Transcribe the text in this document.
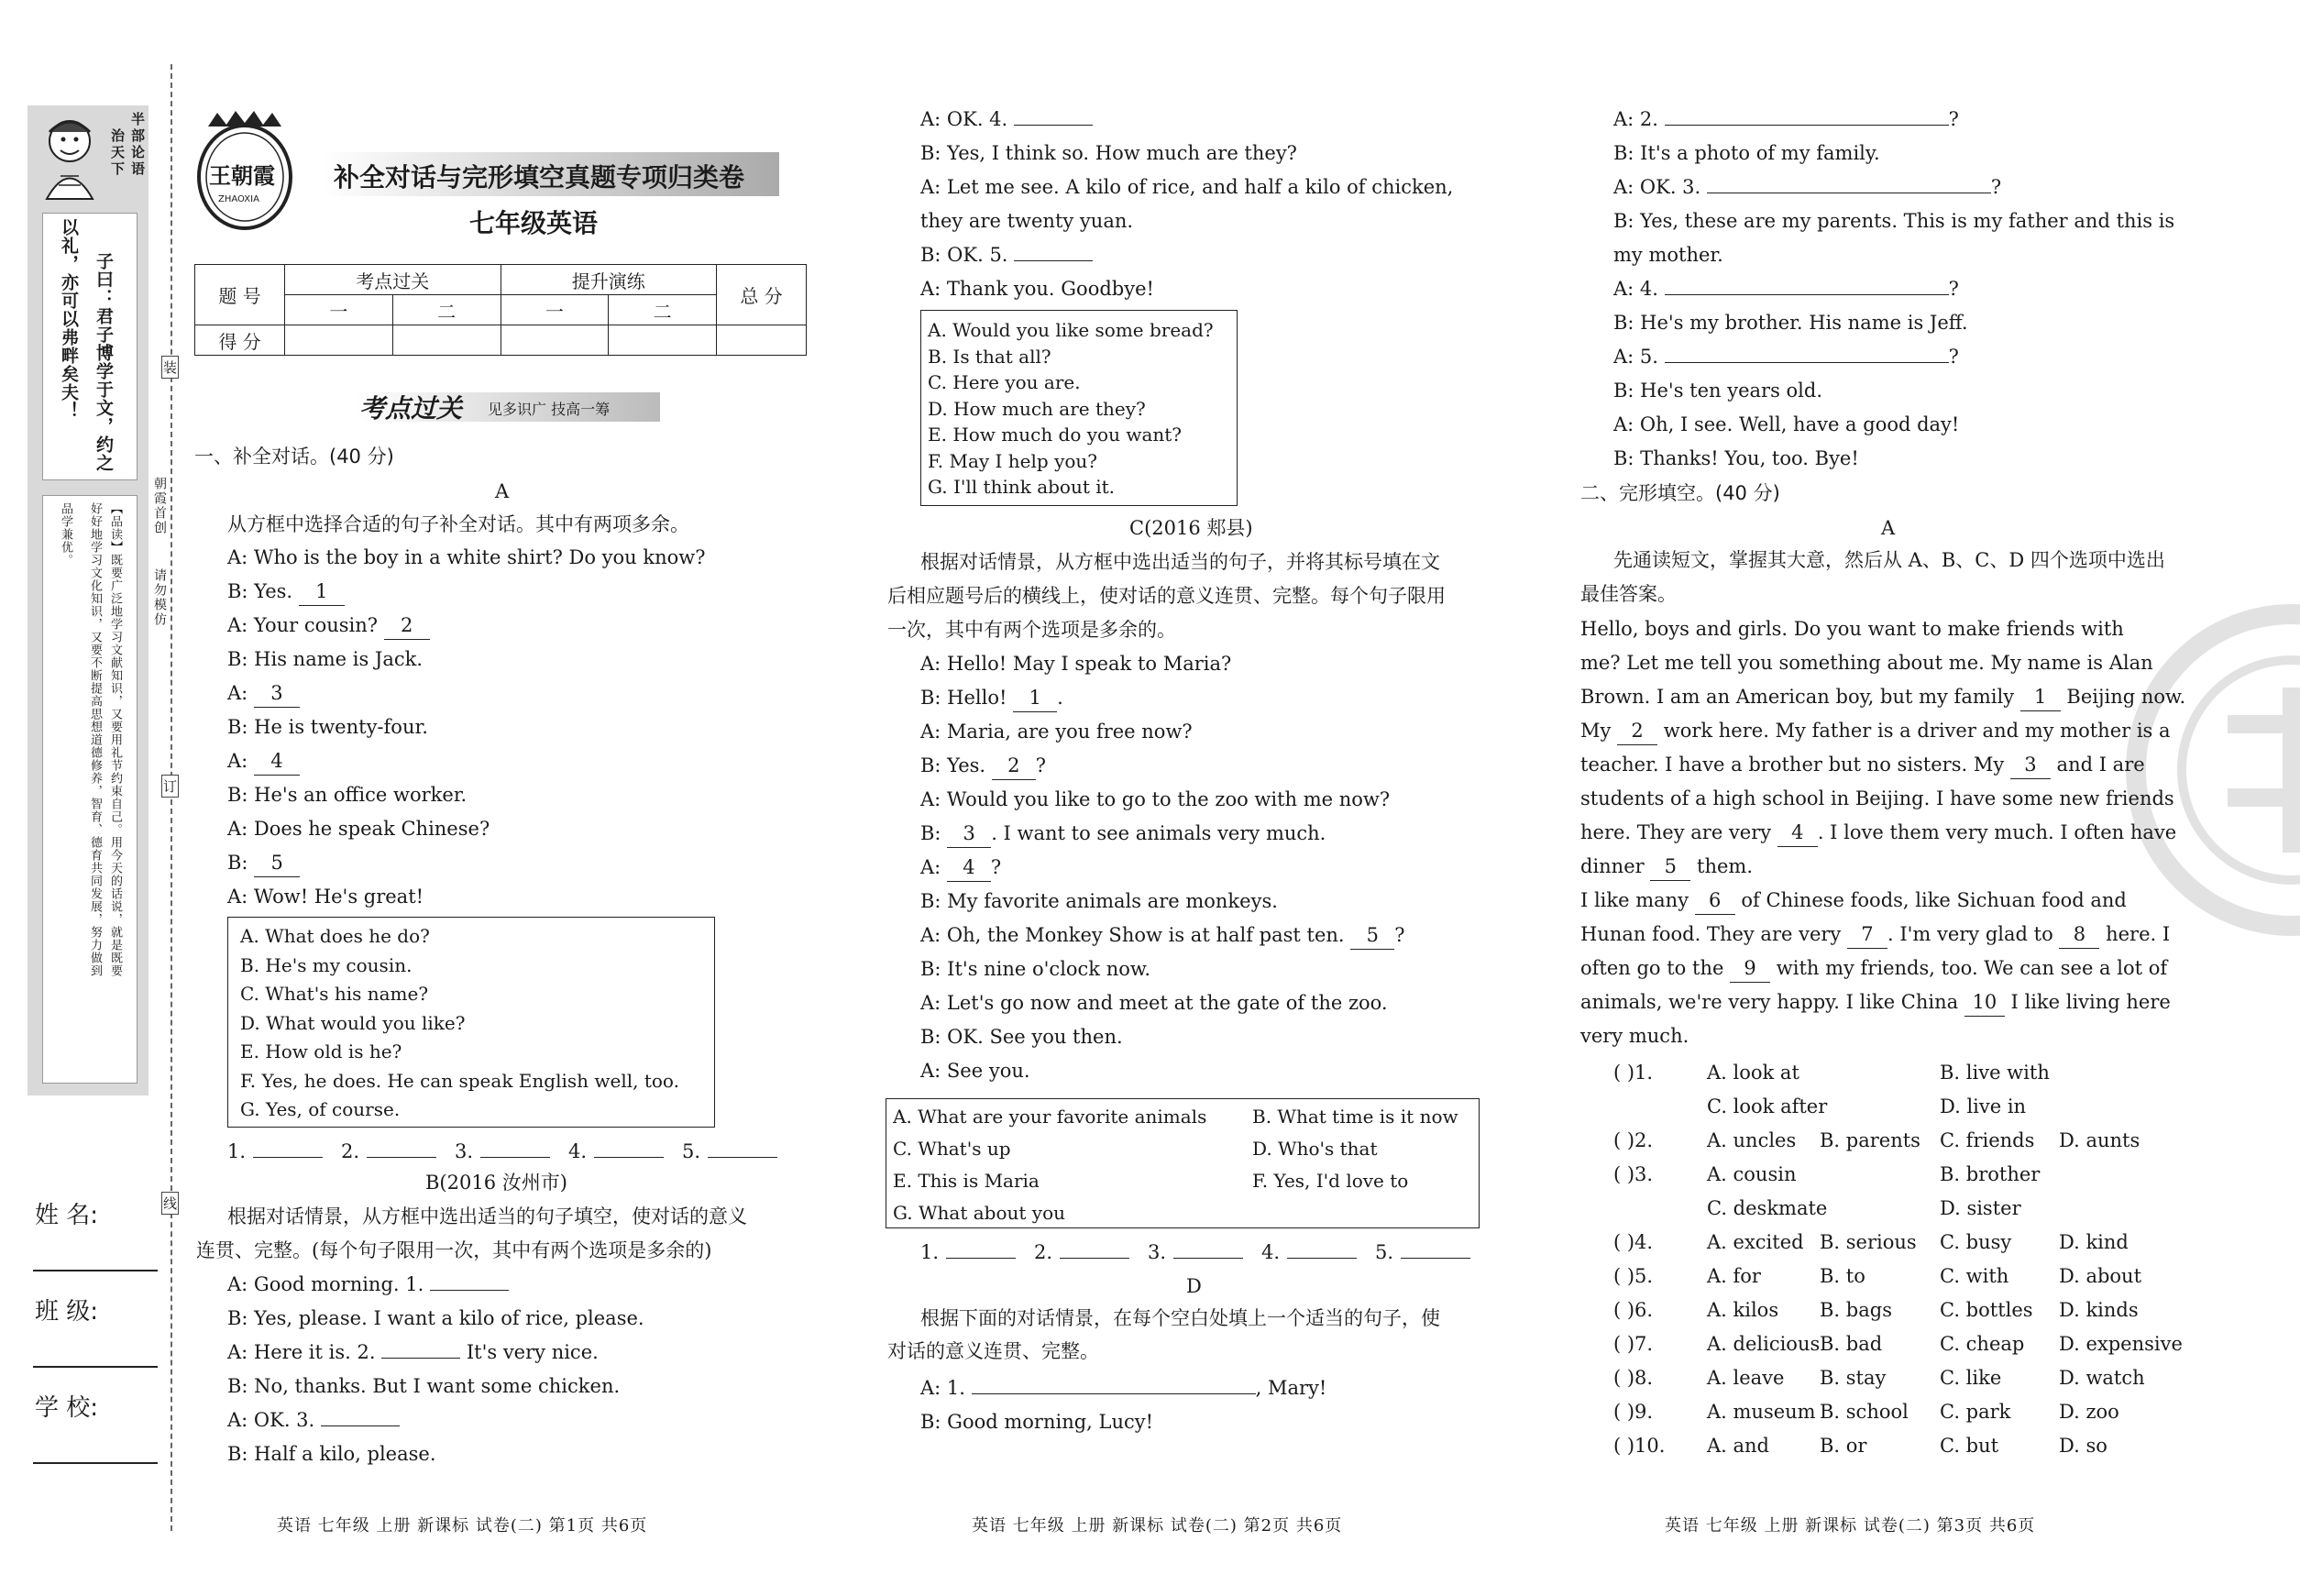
半部论语
治天下
子曰：君子博学于文，约之
以礼，亦可以弗畔矣夫！
【品读】既要广泛地学习文献知识，又要用礼节约束自己。用今天的话说，就是既要
好好地学习文化知识，又要不断提高思想道德修养，智育、德育共同发展，努力做到
品学兼优。
姓 名:
班 级:
学 校:
装
订
线
朝霞首创
请勿模仿
王朝霞
ZHAOXIA
补全对话与完形填空真题专项归类卷
七年级英语
题 号	考点过关		提升演练		总 分
	一	二	一	二	
得 分					
考点过关 见多识广 技高一筹
一、补全对话。(40 分)
A
从方框中选择合适的句子补全对话。其中有两项多余。
A: Who is the boy in a white shirt? Do you know?
B: Yes. 1
A: Your cousin? 2
B: His name is Jack.
A: 3
B: He is twenty-four.
A: 4
B: He's an office worker.
A: Does he speak Chinese?
B: 5
A: Wow! He's great!
A. What does he do?
B. He's my cousin.
C. What's his name?
D. What would you like?
E. How old is he?
F. Yes, he does. He can speak English well, too.
G. Yes, of course.
1.	2.	3.	4.	5.
B(2016 汝州市)
根据对话情景，从方框中选出适当的句子填空，使对话的意义
连贯、完整。(每个句子限用一次，其中有两个选项是多余的)
A: Good morning. 1.
B: Yes, please. I want a kilo of rice, please.
A: Here it is. 2.	It's very nice.
B: No, thanks. But I want some chicken.
A: OK. 3.
B: Half a kilo, please.
英语 七年级 上册 新课标 试卷(二) 第1页 共6页
A: OK. 4.
B: Yes, I think so. How much are they?
A: Let me see. A kilo of rice, and half a kilo of chicken,
they are twenty yuan.
B: OK. 5.
A: Thank you. Goodbye!
A. Would you like some bread?
B. Is that all?
C. Here you are.
D. How much are they?
E. How much do you want?
F. May I help you?
G. I'll think about it.
C(2016 郏县)
根据对话情景，从方框中选出适当的句子，并将其标号填在文
后相应题号后的横线上，使对话的意义连贯、完整。每个句子限用
一次，其中有两个选项是多余的。
A: Hello! May I speak to Maria?
B: Hello! 1 .
A: Maria, are you free now?
B: Yes. 2 ?
A: Would you like to go to the zoo with me now?
B: 3 . I want to see animals very much.
A: 4 ?
B: My favorite animals are monkeys.
A: Oh, the Monkey Show is at half past ten. 5 ?
B: It's nine o'clock now.
A: Let's go now and meet at the gate of the zoo.
B: OK. See you then.
A: See you.
A. What are your favorite animals B. What time is it now
C. What's up	D. Who's that
E. This is Maria	F. Yes, I'd love to
G. What about you
1.	2.	3.	4.	5.
D
根据下面的对话情景，在每个空白处填上一个适当的句子，使
对话的意义连贯、完整。
A: 1.	, Mary!
B: Good morning, Lucy!
英语 七年级 上册 新课标 试卷(二) 第2页 共6页
A: 2.	?
B: It's a photo of my family.
A: OK. 3.	?
B: Yes, these are my parents. This is my father and this is
my mother.
A: 4.	?
B: He's my brother. His name is Jeff.
A: 5.	?
B: He's ten years old.
A: Oh, I see. Well, have a good day!
B: Thanks! You, too. Bye!
二、完形填空。(40 分)
A
先通读短文，掌握其大意，然后从 A、B、C、D 四个选项中选出
最佳答案。
Hello, boys and girls. Do you want to make friends with
me? Let me tell you something about me. My name is Alan
Brown. I am an American boy, but my family 1 Beijing now.
My 2 work here. My father is a driver and my mother is a
teacher. I have a brother but no sisters. My 3 and I are
students of a high school in Beijing. I have some new friends
here. They are very 4 . I love them very much. I often have
dinner 5 them.
I like many 6 of Chinese foods, like Sichuan food and
Hunan food. They are very 7 . I'm very glad to 8 here. I
often go to the 9 with my friends, too. We can see a lot of
animals, we're very happy. I like China 10 I like living here
very much.
( )1.	A. look at	B. live with
C. look after	D. live in
( )2.	A. uncles B. parents C. friends D. aunts
( )3.	A. cousin	B. brother
C. deskmate	D. sister
( )4.	A. excited B. serious C. busy D. kind
( )5.	A. for	B. to	C. with	D. about
( )6.	A. kilos B. bags C. bottles D. kinds
( )7.	A. delicious B. bad	C. cheap D. expensive
( )8.	A. leave B. stay	C. like	D. watch
( )9.	A. museum B. school C. park	D. zoo
( )10. A. and	B. or	C. but	D. so
英语 七年级 上册 新课标 试卷(二) 第3页 共6页
